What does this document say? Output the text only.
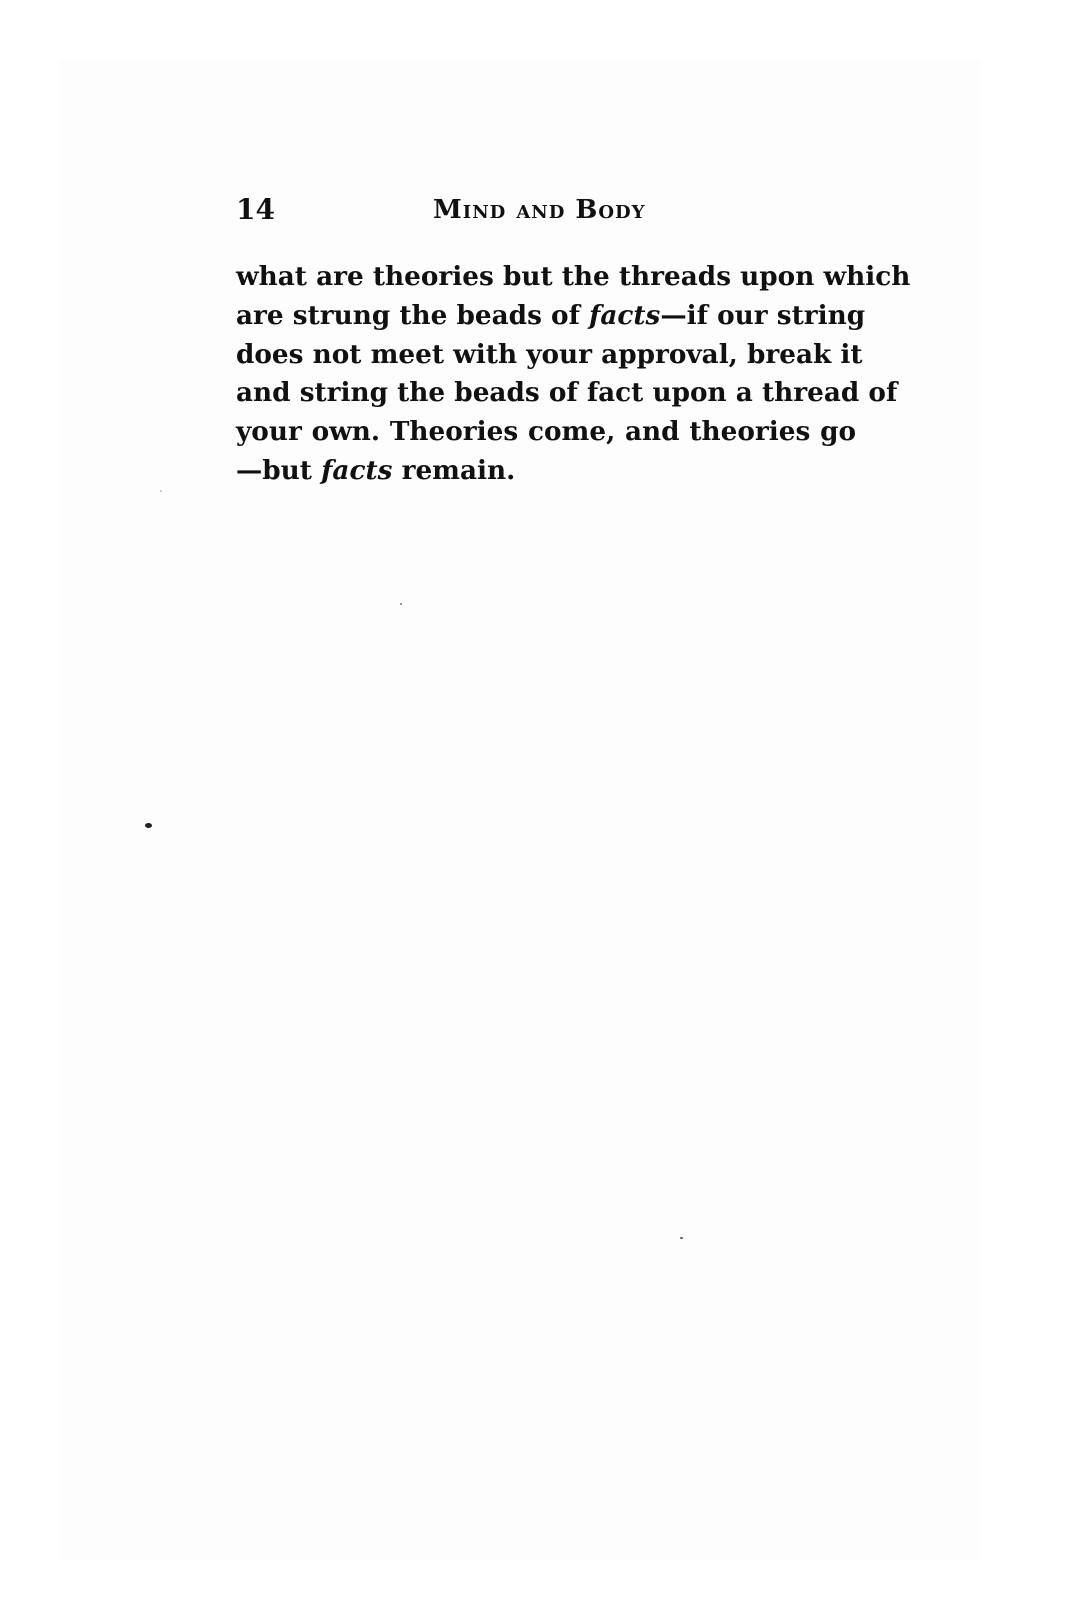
14	Mind and Body

what are theories but the threads upon which
are strung the beads of facts—if our string
does not meet with your approval, break it
and string the beads of fact upon a thread of
your own. Theories come, and theories go
—but facts remain.
